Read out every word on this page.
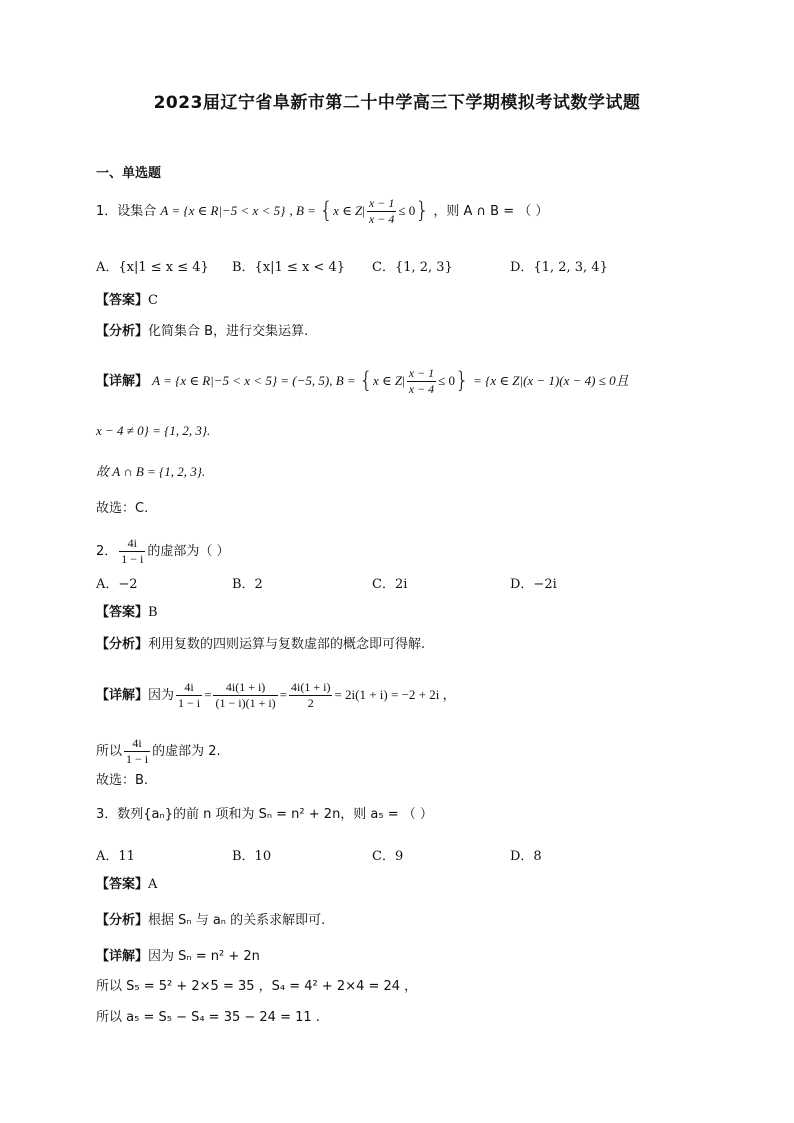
2023届辽宁省阜新市第二十中学高三下学期模拟考试数学试题
一、单选题
1．设集合 A = {x ∈ R|−5 < x < 5} , B = {x ∈ $Z| \frac{x - 1}{x - 4} \le 0$} ，则 A ∩ B = （ ）
A．{x|1 ≤ x ≤ 4} B．{x|1 ≤ x < 4} C．{1, 2, 3}	D．{1, 2, 3, 4}
【答案】C
【分析】化简集合 B，进行交集运算.
【详解】 A = {x ∈ R|−5 < x < 5} = (−5, 5), B = {x ∈ $Z| \frac{x - 1}{x - 4} \le 0\} = \{x$ ∈ Z|(x − 1)(x − 4) ≤ 0且
x − 4 ≠ 0} = {1, 2, 3}.
故 A ∩ B = {1, 2, 3}.
故选：C.
2． $\frac{4i}{1 - i}$ 的虚部为（ ）
A．−2	B．2	C．2i	D．−2i
【答案】B
【分析】利用复数的四则运算与复数虚部的概念即可得解.
【详解】因为 $\frac{4i}{1 - i} = \frac{4i(1 + i)}{(1 - i)(1 + i)} = \frac{4i(1 + i)}{2} = 2i(1 + i) = -2 + 2i$ ，
所以 $\frac{4i}{1 - i}$ 的虚部为 2.
故选：B.
3．数列{aₙ}的前 n 项和为 Sₙ = n² + 2n，则 a₅ = （ ）
A．11	B．10	C．9	D．8
【答案】A
【分析】根据 Sₙ 与 aₙ 的关系求解即可.
【详解】因为 Sₙ = n² + 2n
所以 S₅ = 5² + 2×5 = 35 ，S₄ = 4² + 2×4 = 24 ，
所以 a₅ = S₅ − S₄ = 35 − 24 = 11 .
